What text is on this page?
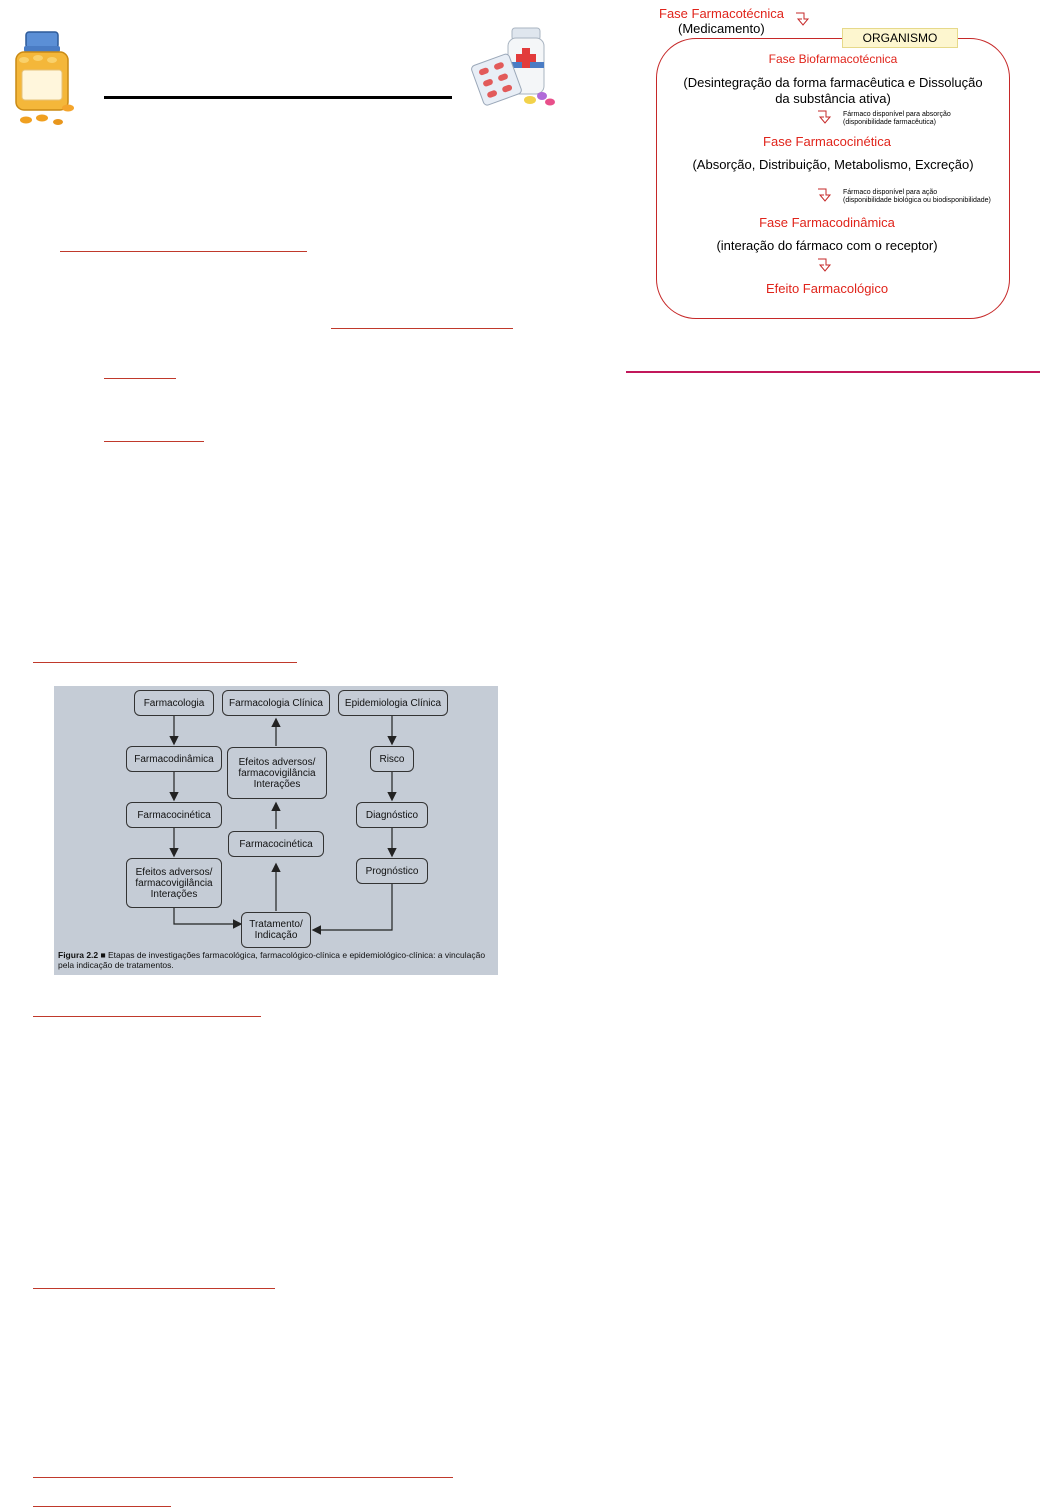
Fase Farmacotécnica
(Medicamento)
ORGANISMO
Fase Biofarmacotécnica
(Desintegração da forma farmacêutica e Dissolução
da substância ativa)
Fármaco disponível para absorção
(disponibilidade farmacêutica)
Fase Farmacocinética
(Absorção, Distribuição, Metabolismo, Excreção)
Fármaco disponível para ação
(disponibilidade biológica ou biodisponibilidade)
Fase Farmacodinâmica
(interação do fármaco com o receptor)
Efeito Farmacológico
Farmacologia	Farmacologia Clínica	Epidemiologia Clínica
Farmacodinâmica	Efeitos adversos/
farmacovigilância
Interações
Risco
Farmacocinética	Diagnóstico
Farmacocinética
Efeitos adversos/
farmacovigilância
Interações
Prognóstico
Tratamento/
Indicação
Figura 2.2 ■ Etapas de investigações farmacológica, farmacológico-clínica e epidemiológico-clínica: a vinculação pela indicação de tratamentos.
